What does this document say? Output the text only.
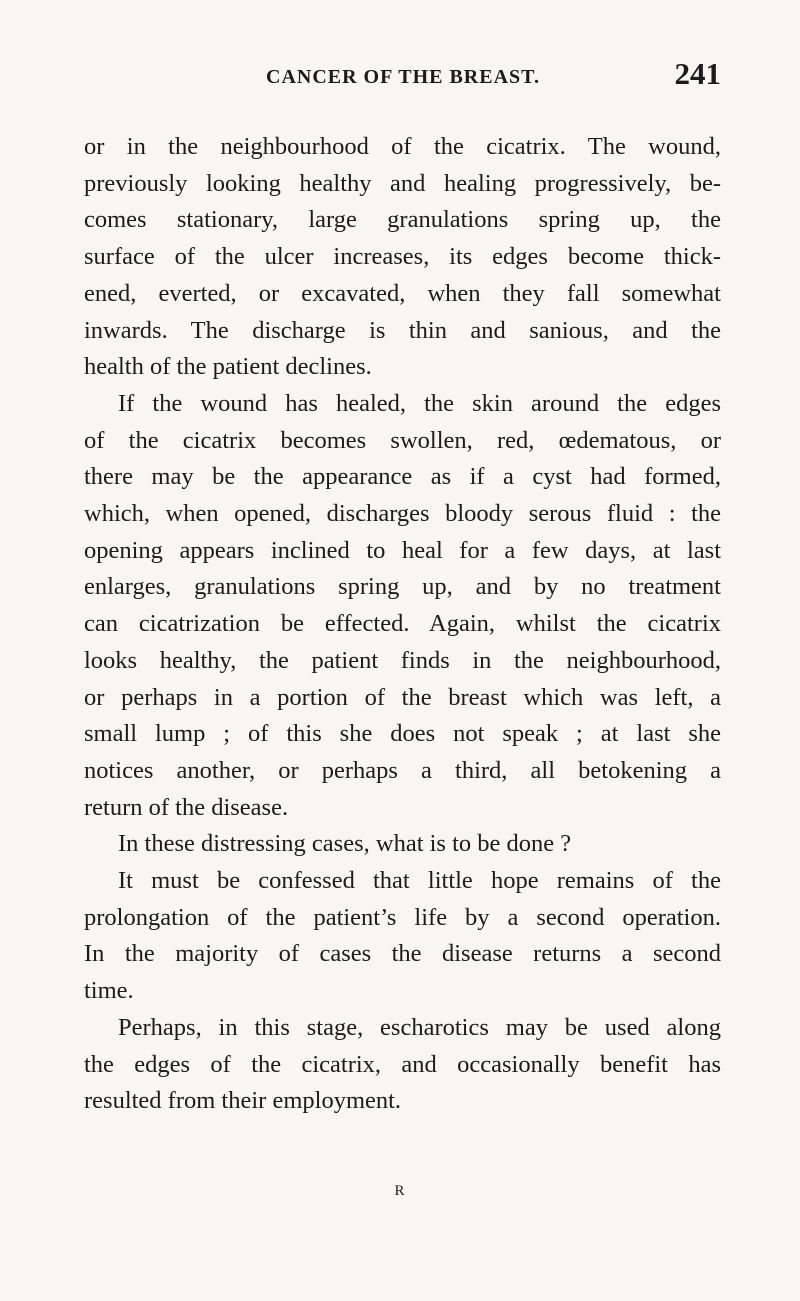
CANCER OF THE BREAST.	241
or in the neighbourhood of the cicatrix. The wound,
previously looking healthy and healing progressively, be-
comes stationary, large granulations spring up, the
surface of the ulcer increases, its edges become thick-
ened, everted, or excavated, when they fall somewhat
inwards. The discharge is thin and sanious, and the
health of the patient declines.
If the wound has healed, the skin around the edges
of the cicatrix becomes swollen, red, œdematous, or
there may be the appearance as if a cyst had formed,
which, when opened, discharges bloody serous fluid : the
opening appears inclined to heal for a few days, at last
enlarges, granulations spring up, and by no treatment
can cicatrization be effected. Again, whilst the cicatrix
looks healthy, the patient finds in the neighbourhood,
or perhaps in a portion of the breast which was left, a
small lump ; of this she does not speak ; at last she
notices another, or perhaps a third, all betokening a
return of the disease.
In these distressing cases, what is to be done ?
It must be confessed that little hope remains of the
prolongation of the patient’s life by a second operation.
In the majority of cases the disease returns a second
time.
Perhaps, in this stage, escharotics may be used along
the edges of the cicatrix, and occasionally benefit has
resulted from their employment.
R
